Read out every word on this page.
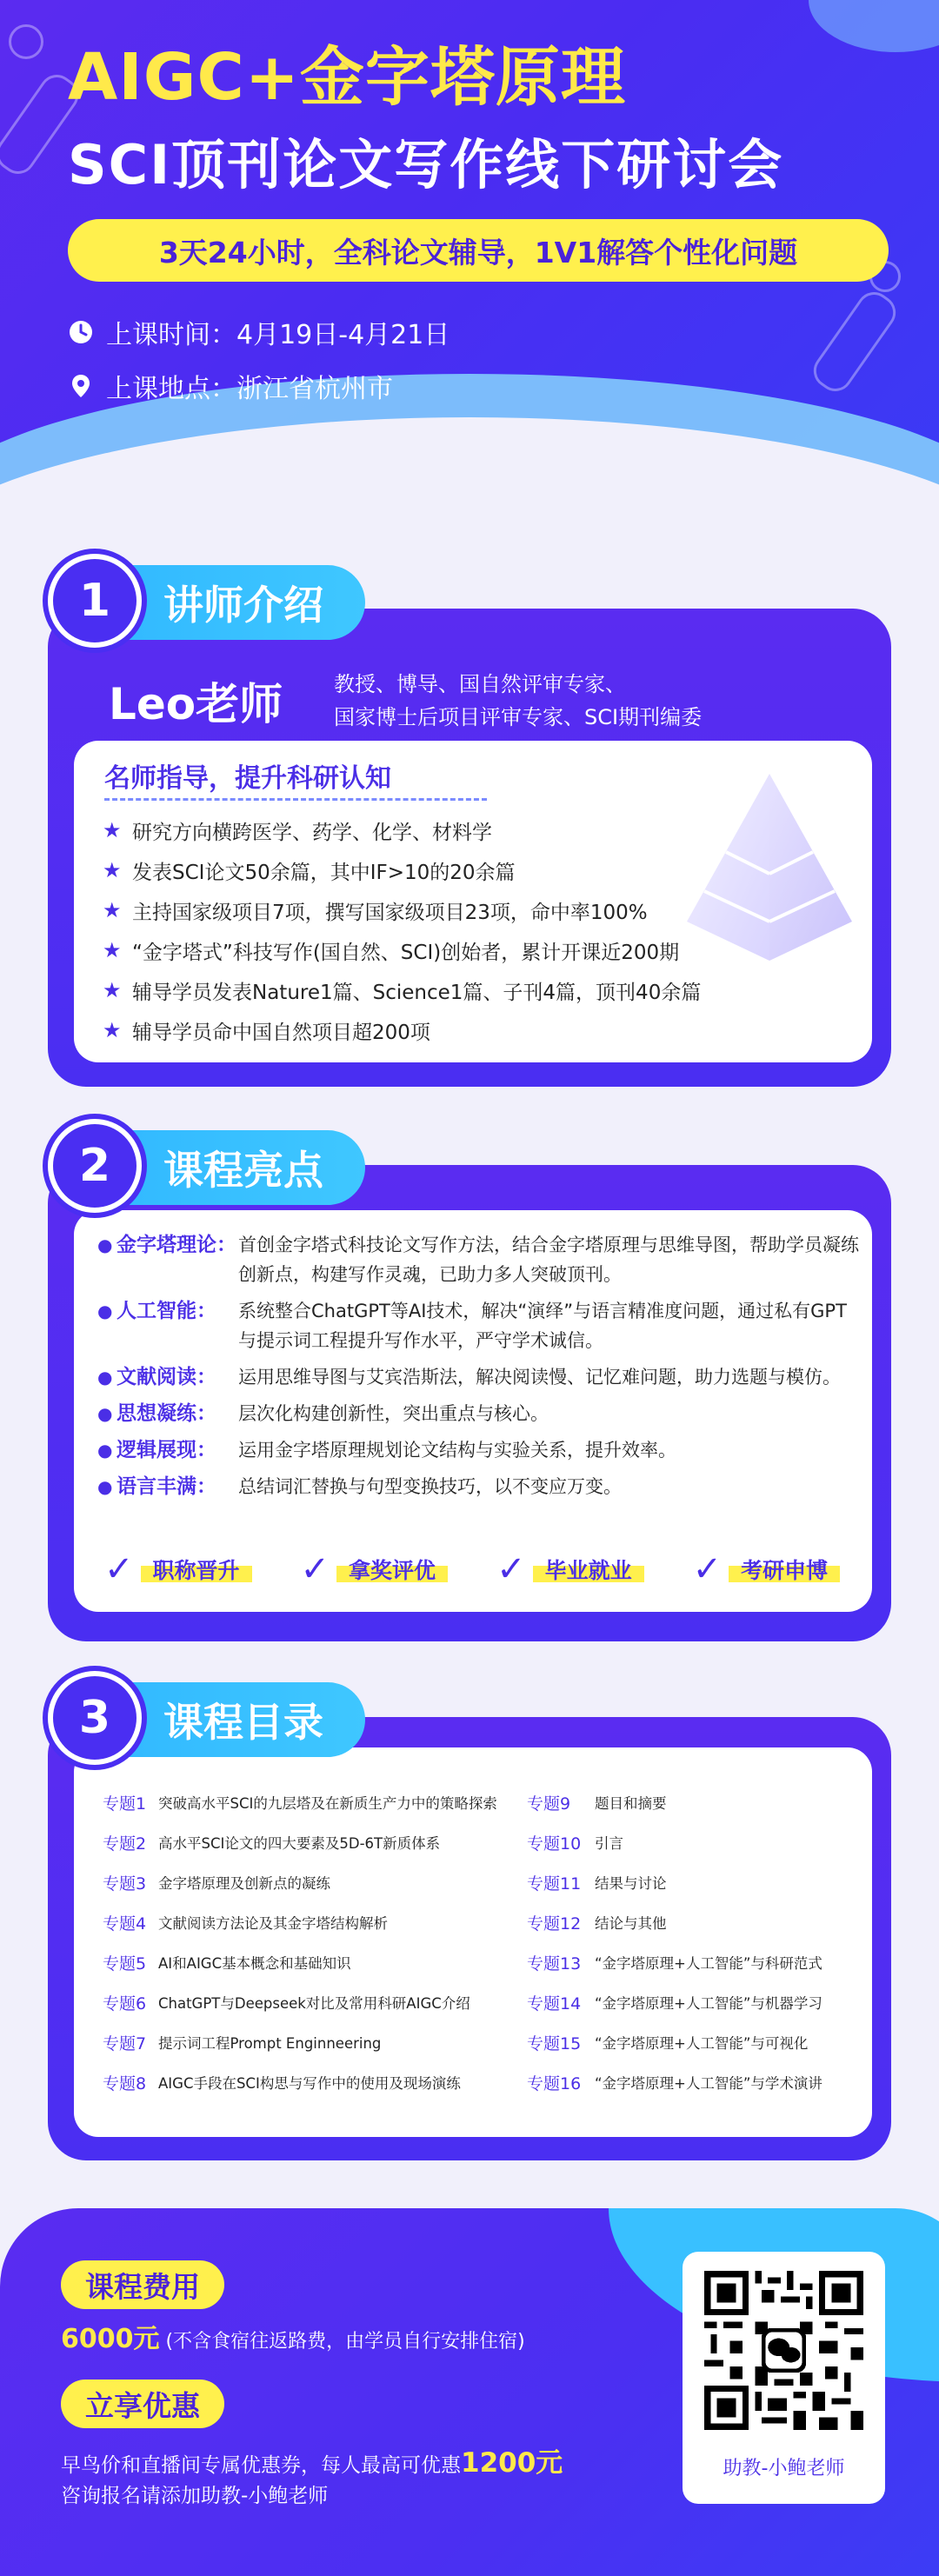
AIGC+金字塔原理
SCI顶刊论文写作线下研讨会
3天24小时，全科论文辅导，1V1解答个性化问题
上课时间：4月19日-4月21日
上课地点：浙江省杭州市
讲师介绍
1
Leo老师 教授、博导、国自然评审专家、
国家博士后项目评审专家、SCI期刊编委
名师指导，提升科研认知
★ 研究方向横跨医学、药学、化学、材料学
★ 发表SCI论文50余篇，其中IF>10的20余篇
★ 主持国家级项目7项，撰写国家级项目23项，命中率100%
★ “金字塔式”科技写作(国自然、SCI)创始者，累计开课近200期
★ 辅导学员发表Nature1篇、Science1篇、子刊4篇，顶刊40余篇
★ 辅导学员命中国自然项目超200项
课程亮点
2
● 金字塔理论： 首创金字塔式科技论文写作方法，结合金字塔原理与思维导图，帮助学员凝练创新点，构建写作灵魂，已助力多人突破顶刊。
● 人工智能：	系统整合ChatGPT等AI技术，解决“演绎”与语言精准度问题，通过私有GPT与提示词工程提升写作水平，严守学术诚信。
● 文献阅读：	运用思维导图与艾宾浩斯法，解决阅读慢、记忆难问题，助力选题与模仿。
● 思想凝练：	层次化构建创新性，突出重点与核心。
● 逻辑展现：	运用金字塔原理规划论文结构与实验关系，提升效率。
● 语言丰满：	总结词汇替换与句型变换技巧，以不变应万变。
✓ 职称晋升	✓ 拿奖评优	✓ 毕业就业	✓ 考研申博
课程目录
3
专题1 突破高水平SCI的九层塔及在新质生产力中的策略探索
专题2 高水平SCI论文的四大要素及5D-6T新质体系
专题3 金字塔原理及创新点的凝练
专题4 文献阅读方法论及其金字塔结构解析
专题5 AI和AIGC基本概念和基础知识
专题6 ChatGPT与Deepseek对比及常用科研AIGC介绍
专题7 提示词工程Prompt Enginneering
专题8 AIGC手段在SCI构思与写作中的使用及现场演练
专题9	题目和摘要
专题10 引言
专题11 结果与讨论
专题12 结论与其他
专题13 “金字塔原理+人工智能”与科研范式
专题14 “金字塔原理+人工智能”与机器学习
专题15 “金字塔原理+人工智能”与可视化
专题16 “金字塔原理+人工智能”与学术演讲
课程费用
6000元 (不含食宿往返路费，由学员自行安排住宿)
立享优惠
早鸟价和直播间专属优惠券，每人最高可优惠1200元
咨询报名请添加助教-小鲍老师
助教-小鲍老师
